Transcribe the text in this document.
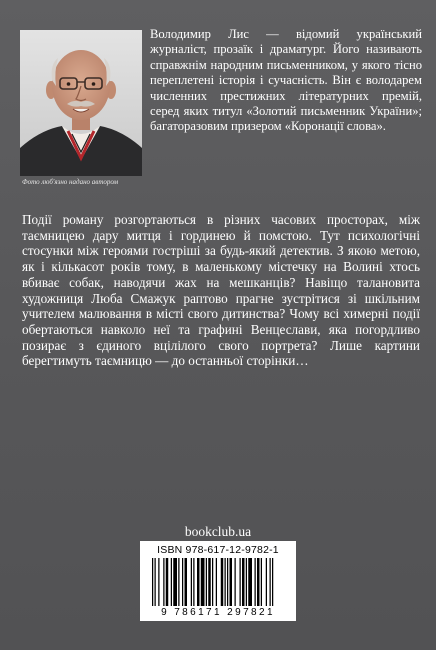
Фото люб'язно надано автором
Володимир Лис — відомий український журналіст, прозаїк і драматург. Його називають справжнім народним письменником, у якого тісно переплетені історія і сучасність. Він є володарем численних престижних літературних премій, серед яких титул «Золотий письменник України»; багаторазовим призером «Коронації слова».
Події роману розгортаються в різних часових просторах, між таємницею дару митця і гординею й помстою. Тут психологічні стосунки між героями гостріші за будь-який детектив. З якою метою, як і кількасот років тому, в маленькому містечку на Волині хтось вбиває собак, наводячи жах на мешканців? Навіщо талановита художниця Люба Смажук раптово прагне зустрітися зі шкільним учителем малювання в місті свого дитинства? Чому всі химерні події обертаються навколо неї та графині Венцеслави, яка погордливо позирає з єдиного вцілілого свого портрета? Лише картини берегтимуть таємницю — до останньої сторінки…
bookclub.ua
ISBN 978-617-12-9782-1
9 786171 297821
